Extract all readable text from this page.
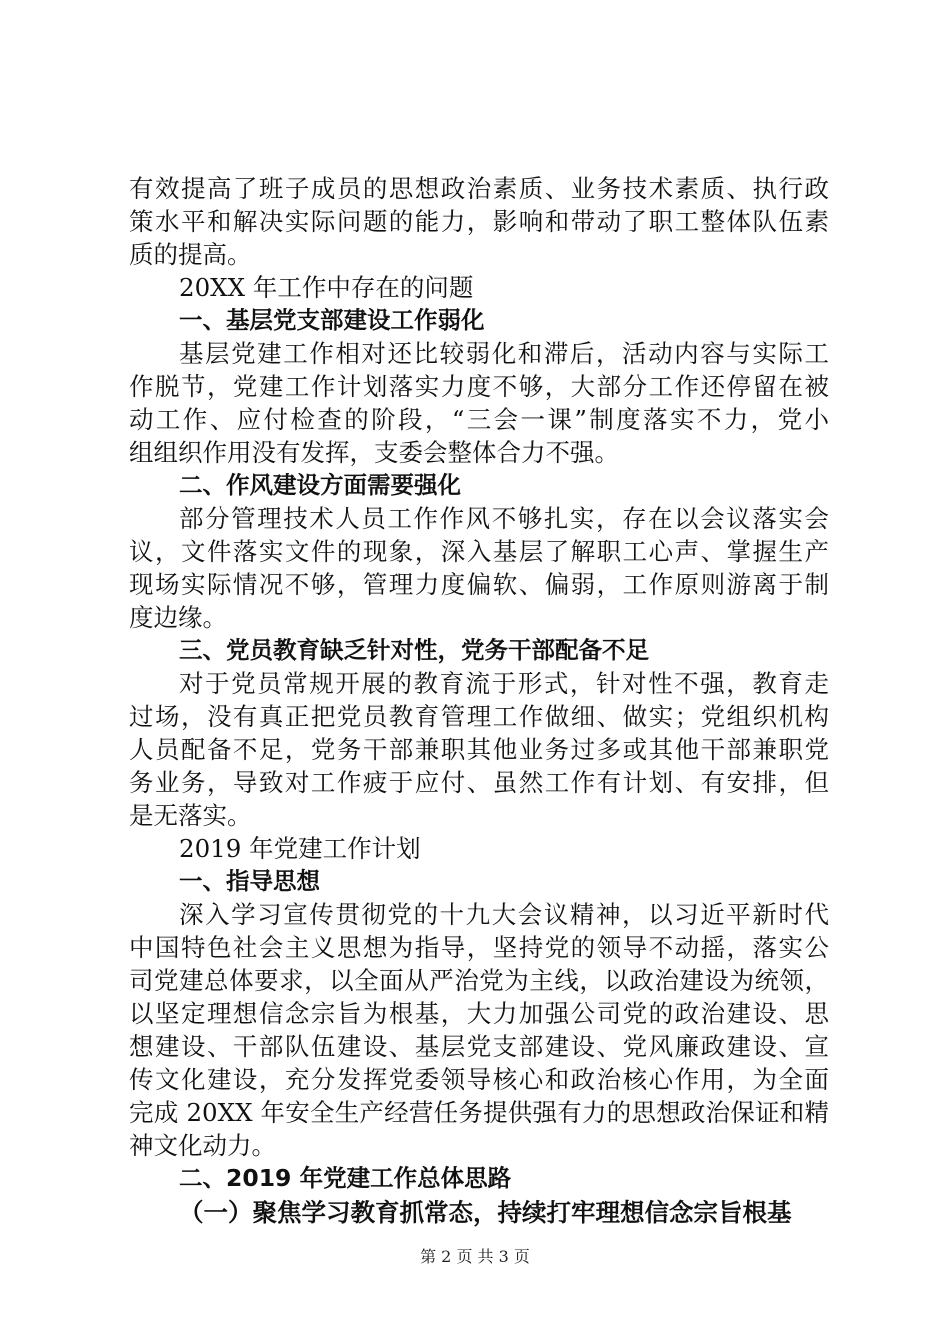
有效提高了班子成员的思想政治素质、业务技术素质、执行政
策水平和解决实际问题的能力，影响和带动了职工整体队伍素
质的提高。
20XX 年工作中存在的问题
一、基层党支部建设工作弱化
基层党建工作相对还比较弱化和滞后，活动内容与实际工
作脱节，党建工作计划落实力度不够，大部分工作还停留在被
动工作、应付检查的阶段，“三会一课”制度落实不力，党小
组组织作用没有发挥，支委会整体合力不强。
二、作风建设方面需要强化
部分管理技术人员工作作风不够扎实，存在以会议落实会
议，文件落实文件的现象，深入基层了解职工心声、掌握生产
现场实际情况不够，管理力度偏软、偏弱，工作原则游离于制
度边缘。
三、党员教育缺乏针对性，党务干部配备不足
对于党员常规开展的教育流于形式，针对性不强，教育走
过场，没有真正把党员教育管理工作做细、做实；党组织机构
人员配备不足，党务干部兼职其他业务过多或其他干部兼职党
务业务，导致对工作疲于应付、虽然工作有计划、有安排，但
是无落实。
2019 年党建工作计划
一、指导思想
深入学习宣传贯彻党的十九大会议精神，以习近平新时代
中国特色社会主义思想为指导，坚持党的领导不动摇，落实公
司党建总体要求，以全面从严治党为主线，以政治建设为统领，
以坚定理想信念宗旨为根基，大力加强公司党的政治建设、思
想建设、干部队伍建设、基层党支部建设、党风廉政建设、宣
传文化建设，充分发挥党委领导核心和政治核心作用，为全面
完成 20XX 年安全生产经营任务提供强有力的思想政治保证和精
神文化动力。
二、2019 年党建工作总体思路
（一）聚焦学习教育抓常态，持续打牢理想信念宗旨根基
第 2 页 共 3 页
